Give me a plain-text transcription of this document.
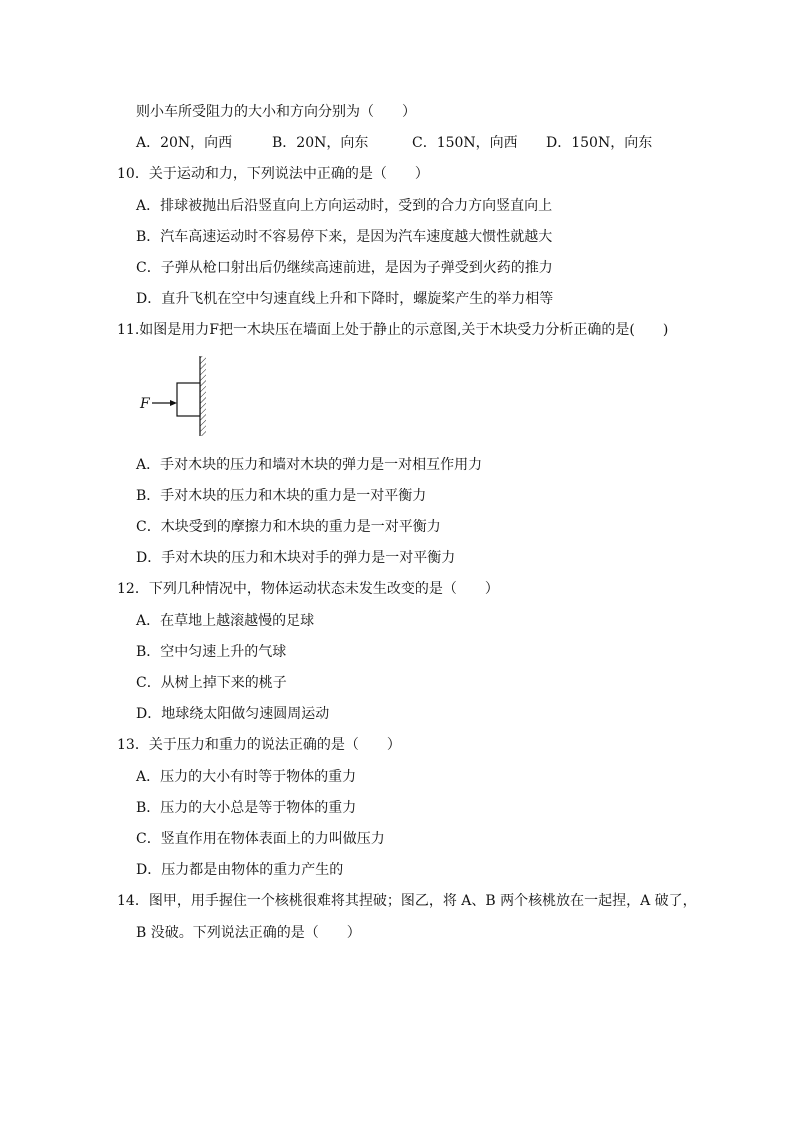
则小车所受阻力的大小和方向分别为（　　）
A．20N，向西	B．20N，向东	C．150N，向西 D．150N，向东
10．关于运动和力，下列说法中正确的是（　　）
A．排球被抛出后沿竖直向上方向运动时，受到的合力方向竖直向上
B．汽车高速运动时不容易停下来，是因为汽车速度越大惯性就越大
C．子弹从枪口射出后仍继续高速前进，是因为子弹受到火药的推力
D．直升飞机在空中匀速直线上升和下降时，螺旋桨产生的举力相等
11.如图是用力F把一木块压在墙面上处于静止的示意图,关于木块受力分析正确的是(　　)
F
A．手对木块的压力和墙对木块的弹力是一对相互作用力
B．手对木块的压力和木块的重力是一对平衡力
C．木块受到的摩擦力和木块的重力是一对平衡力
D．手对木块的压力和木块对手的弹力是一对平衡力
12．下列几种情况中，物体运动状态未发生改变的是（　　）
A．在草地上越滚越慢的足球
B．空中匀速上升的气球
C．从树上掉下来的桃子
D．地球绕太阳做匀速圆周运动
13．关于压力和重力的说法正确的是（　　）
A．压力的大小有时等于物体的重力
B．压力的大小总是等于物体的重力
C．竖直作用在物体表面上的力叫做压力
D．压力都是由物体的重力产生的
14．图甲，用手握住一个核桃很难将其捏破；图乙，将 A、B 两个核桃放在一起捏，A 破了，
B 没破。下列说法正确的是（　　）
